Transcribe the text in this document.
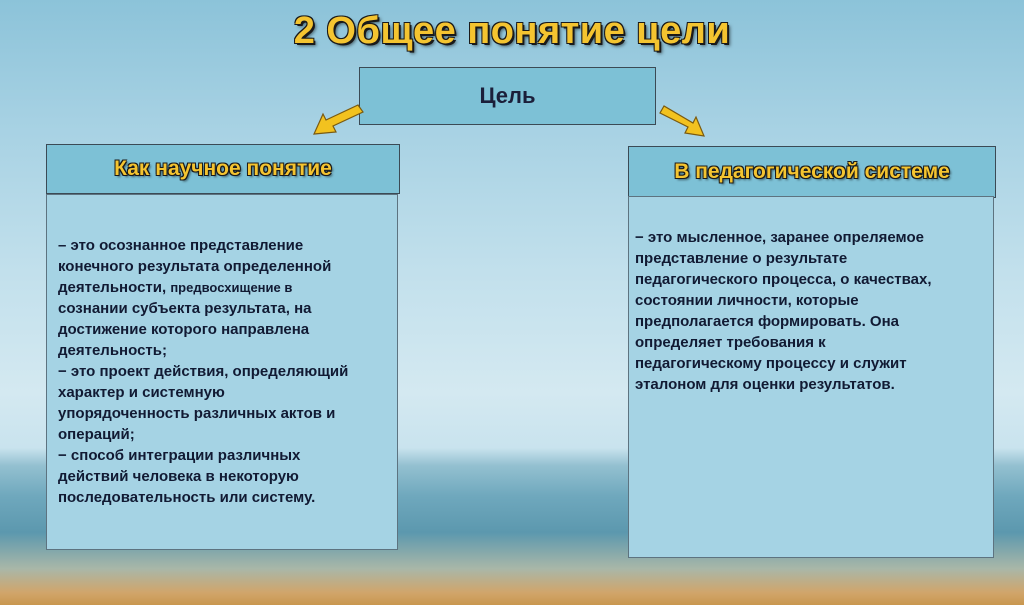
2 Общее понятие цели
Цель
Как научное понятие
– это осознанное представление
конечного результата определенной
деятельности, предвосхищение в
сознании субъекта результата, на
достижение которого направлена
деятельность;
− это проект действия, определяющий
характер и системную
упорядоченность различных актов и
операций;
− способ интеграции различных
действий человека в некоторую
последовательность или систему.
В педагогической системе
− это мысленное, заранее опреляемое
представление о результате
педагогического процесса, о качествах,
состоянии личности, которые
предполагается формировать. Она
определяет требования к
педагогическому процессу и служит
эталоном для оценки результатов.
